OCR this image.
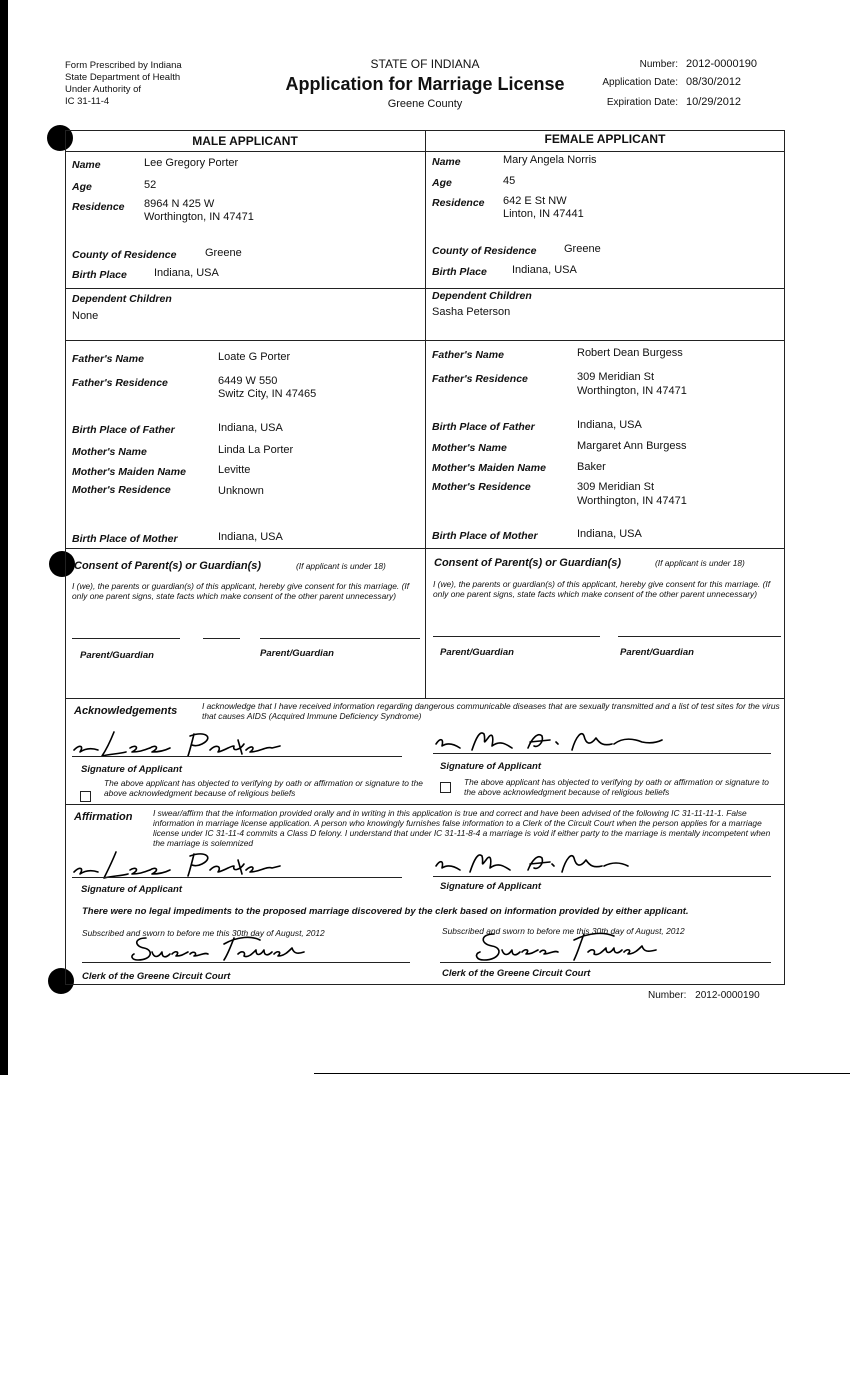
Form Prescribed by Indiana
State Department of Health
Under Authority of
IC 31-11-4
STATE OF INDIANA
Application for Marriage License
Greene County
Number: 2012-0000190
Application Date: 08/30/2012
Expiration Date: 10/29/2012
MALE APPLICANT	FEMALE APPLICANT
Name	Lee Gregory Porter
Age	52
Residence 8964 N 425 W
Worthington, IN 47471
County of Residence	Greene
Birth Place Indiana, USA
Dependent Children
None
Father's Name	Loate G Porter
Father's Residence	6449 W 550
Switz City, IN 47465
Birth Place of Father	Indiana, USA
Mother's Name	Linda La Porter
Mother's Maiden Name	Levitte
Mother's Residence	Unknown
Birth Place of Mother	Indiana, USA
Name	Mary Angela Norris
Age	45
Residence 642 E St NW
Linton, IN 47441
County of Residence	Greene
Birth Place Indiana, USA
Dependent Children
Sasha Peterson
Father's Name	Robert Dean Burgess
Father's Residence	309 Meridian St
Worthington, IN 47471
Birth Place of Father	Indiana, USA
Mother's Name	Margaret Ann Burgess
Mother's Maiden Name	Baker
Mother's Residence	309 Meridian St
Worthington, IN 47471
Birth Place of Mother	Indiana, USA
Consent of Parent(s) or Guardian(s)	(If applicant is under 18)
I (we), the parents or guardian(s) of this applicant, hereby give consent for this marriage. (If only one parent signs, state facts which make consent of the other parent unnecessary)
Parent/Guardian	Parent/Guardian
Consent of Parent(s) or Guardian(s)	(If applicant is under 18)
I (we), the parents or guardian(s) of this applicant, hereby give consent for this marriage. (If only one parent signs, state facts which make consent of the other parent unnecessary)
Parent/Guardian	Parent/Guardian
Acknowledgements	I acknowledge that I have received information regarding dangerous communicable diseases that are sexually transmitted and a list of test sites for the virus that causes AIDS (Acquired Immune Deficiency Syndrome)
Signature of Applicant	Signature of Applicant
The above applicant has objected to verifying by oath or affirmation or signature to the above acknowledgment because of religious beliefs
The above applicant has objected to verifying by oath or affirmation or signature to the above acknowledgment because of religious beliefs
Affirmation I swear/affirm that the information provided orally and in writing in this application is true and correct and have been advised of the following IC 31-11-11-1. False information in marriage license application. A person who knowingly furnishes false information to a Clerk of the Circuit Court when the person applies for a marriage license under IC 31-11-4 commits a Class D felony. I understand that under IC 31-11-8-4 a marriage is void if either party to the marriage is mentally incompetent when the marriage is solemnized
Signature of Applicant	Signature of Applicant
There were no legal impediments to the proposed marriage discovered by the clerk based on information provided by either applicant.
Subscribed and sworn to before me this 30th day of August, 2012
Clerk of the Greene Circuit Court
Subscribed and sworn to before me this 30th day of August, 2012
Clerk of the Greene Circuit Court
Number: 2012-0000190
